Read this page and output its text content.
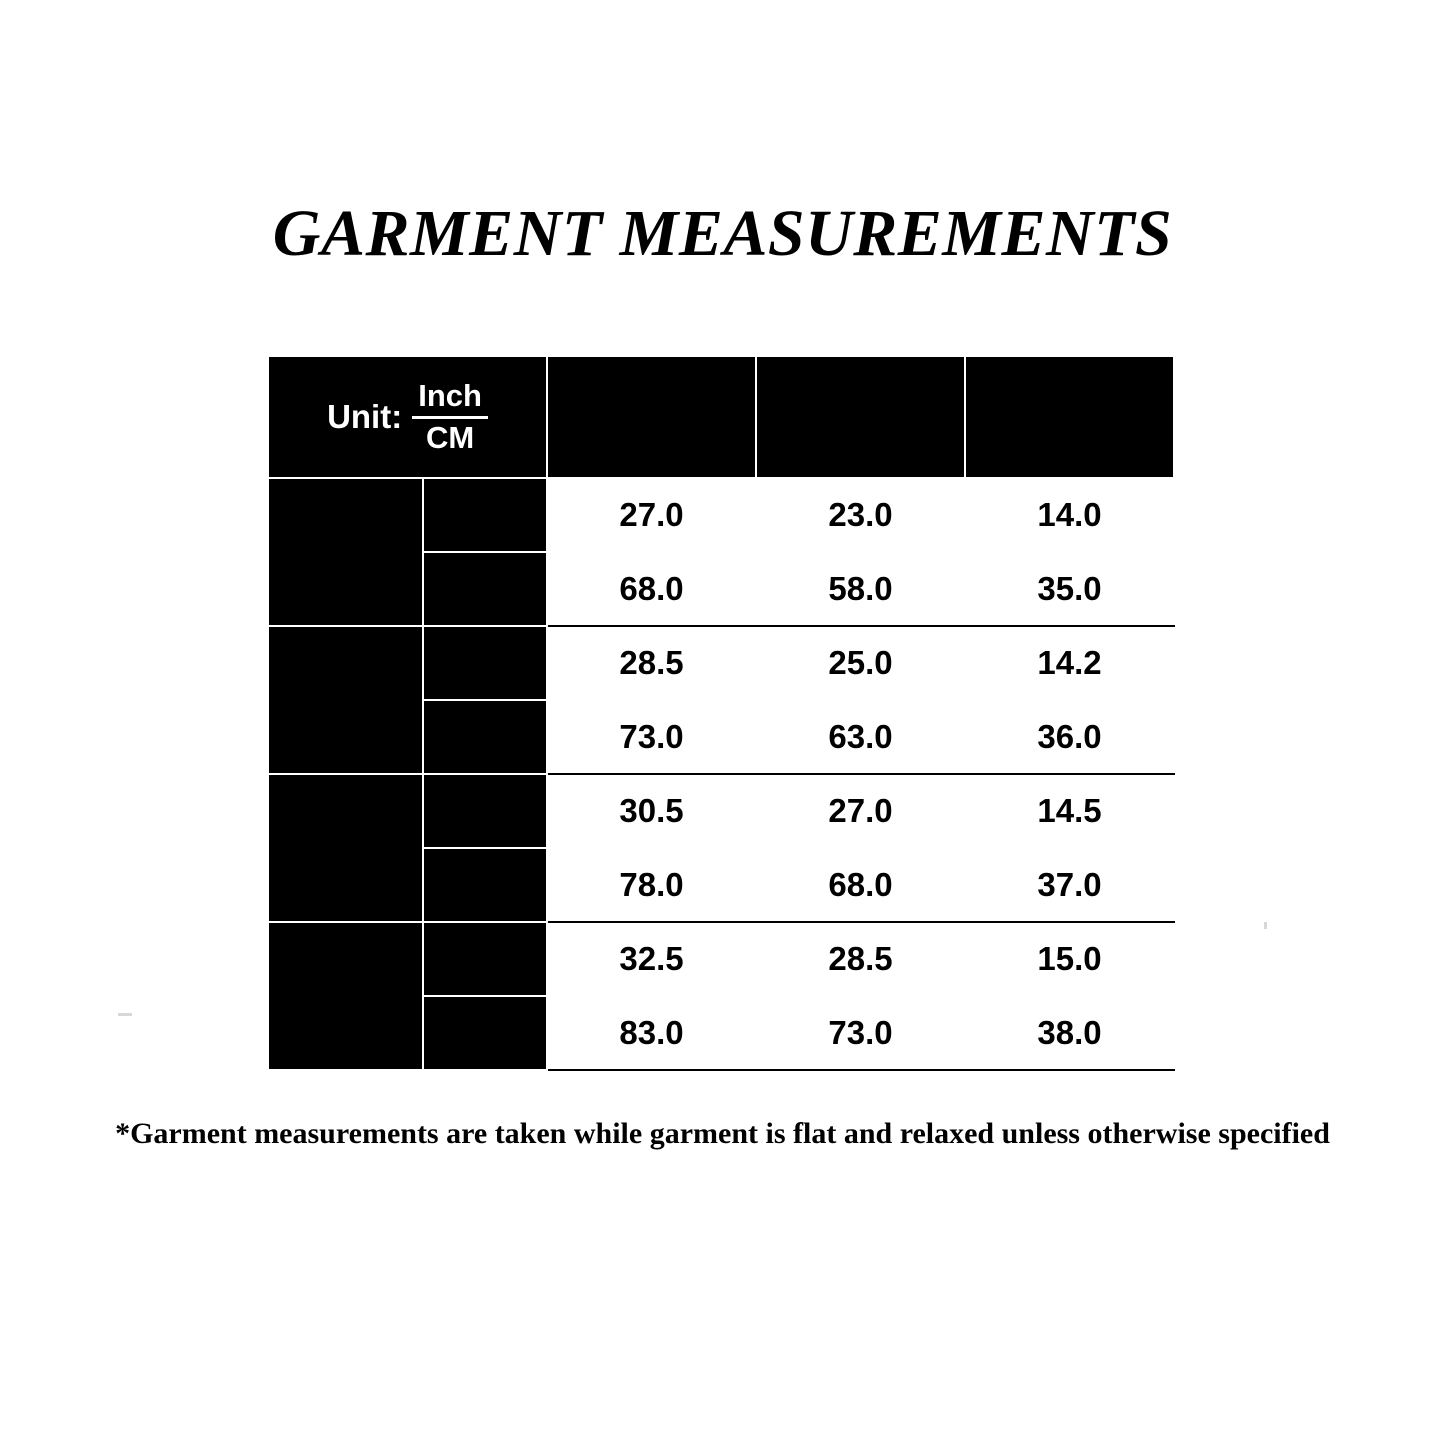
GARMENT MEASUREMENTS
Unit: $\frac{\text{Inch}}{CM}$		Bust	Hem	Length
S	Inch	27.0	23.0	14.0
	CM	68.0	58.0	35.0
M	Inch	28.5	25.0	14.2
	CM	73.0	63.0	36.0
L	Inch	30.5	27.0	14.5
	CM	78.0	68.0	37.0
XL	Inch	32.5	28.5	15.0
	CM	83.0	73.0	38.0
*Garment measurements are taken while garment is flat and relaxed unless otherwise specified
